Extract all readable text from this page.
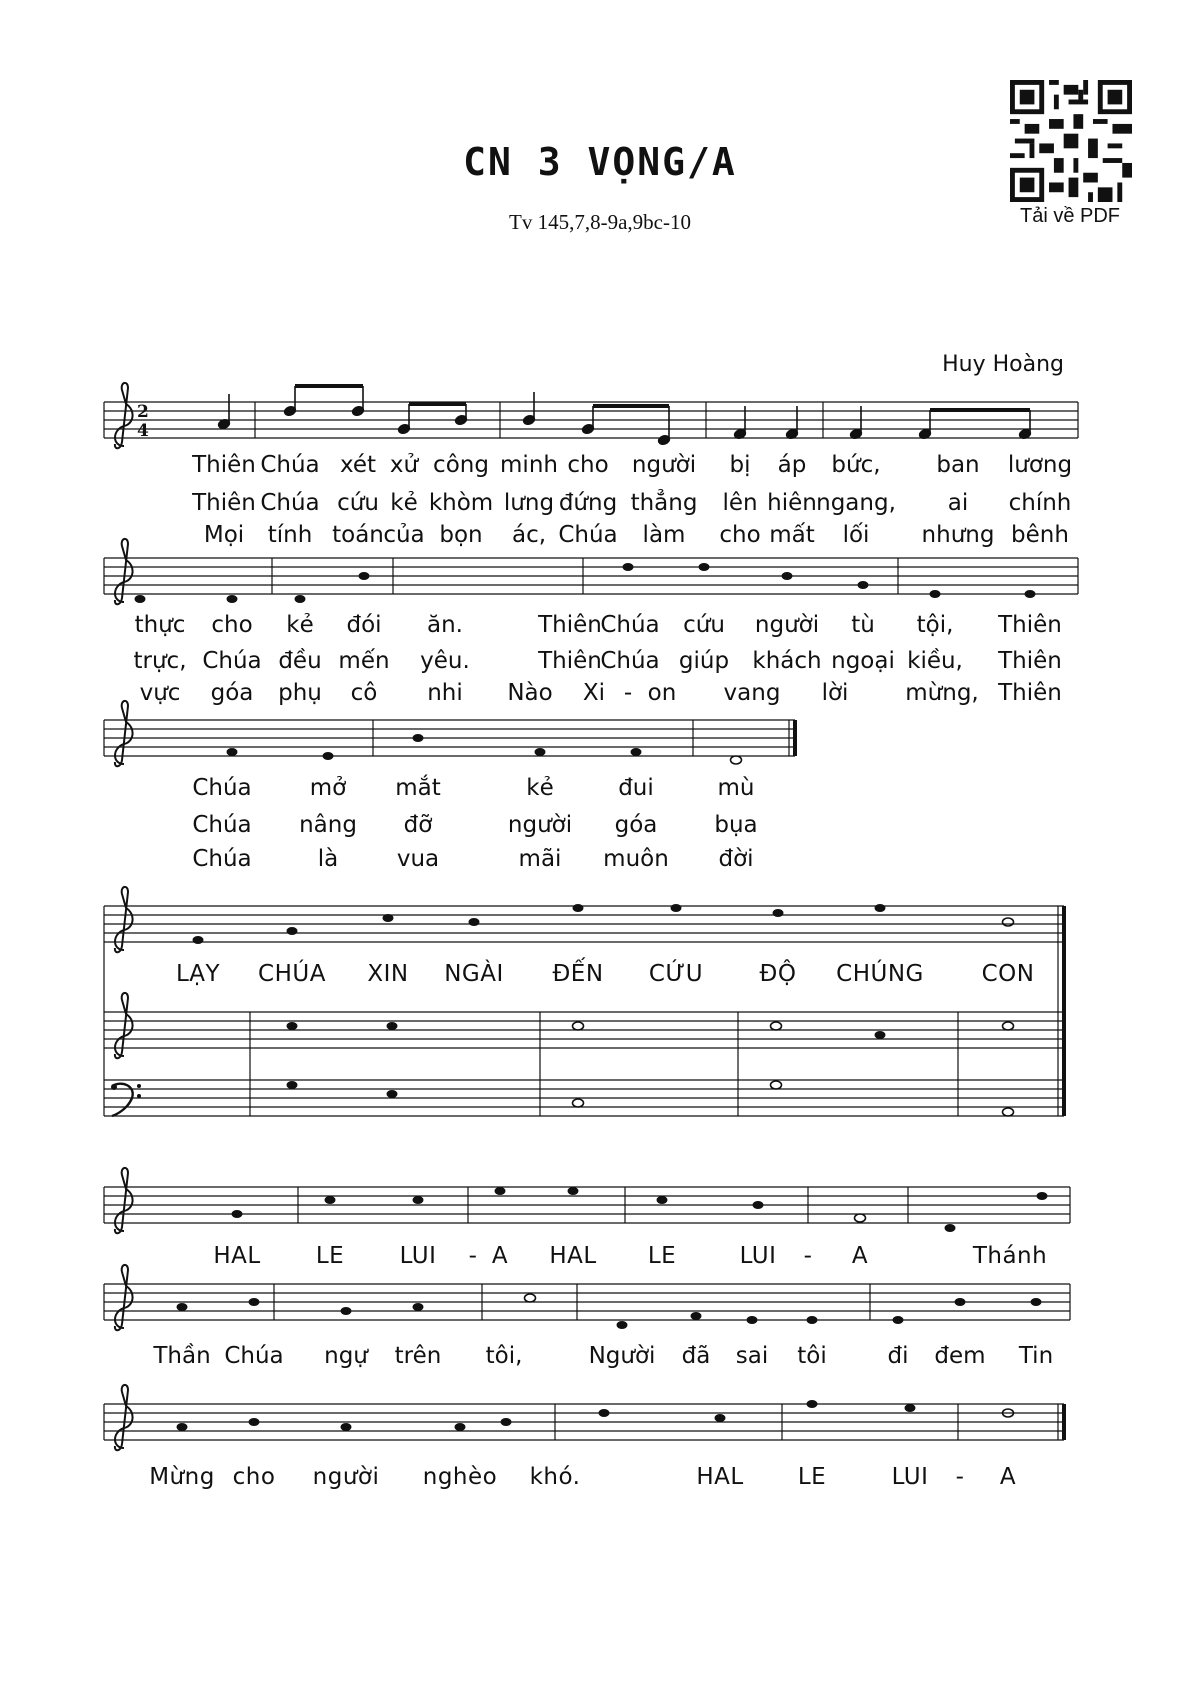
CN 3 VỌNG/A
Tv 145,7,8-9a,9bc-10	Tải về PDF
Huy Hoàng
2
4
Thiên Chúa xét xử công minh cho người bị áp bức, ban lương
Thiên Chúa cứu kẻ khòm lưng đứng thẳng lên hiên ngang, ai chính
Mọi tính toán của bọn ác, Chúa làm cho mất lối nhưng bênh
thực cho kẻ đói ăn.	Thiên
Chúa cứu người tù tội, Thiên
trực, Chúa đều mến yêu.	Thiên
Chúa giúp khách ngoại kiều, Thiên
vực góa phụ cô nhi Nào Xi - on vang lời mừng, Thiên
Chúa	mở mắt	kẻ	đui	mù
Chúa nâng đỡ	người góa bụa
Chúa	là	vua	mãi muôn đời
LẠY CHÚA XIN NGÀI ĐẾN CỨU ĐỘ CHÚNG	CON
HAL LE LUI - A HAL LE	LUI - A	Thánh
Thần Chúa ngự trên tôi,	Người đã sai tôi	đi đem Tin
Mừng cho người nghèo khó.	HAL LE	LUI - A
